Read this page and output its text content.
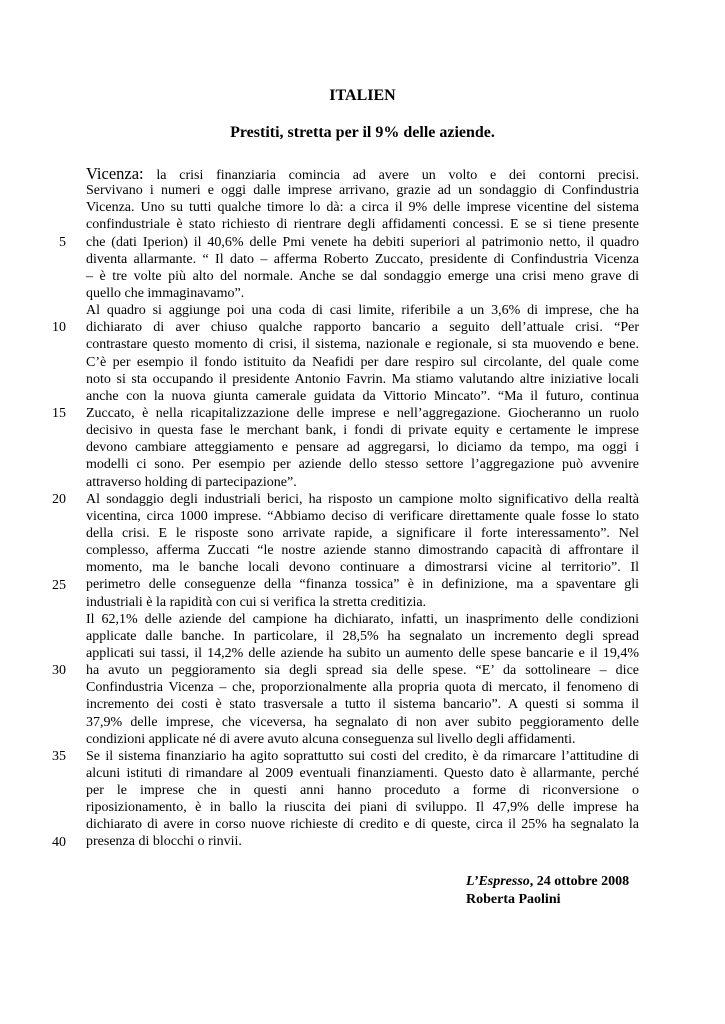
ITALIEN
Prestiti, stretta per il 9% delle aziende.
Vicenza: la crisi finanziaria comincia ad avere un volto e dei contorni precisi.
Servivano i numeri e oggi dalle imprese arrivano, grazie ad un sondaggio di Confindustria
Vicenza. Uno su tutti qualche timore lo dà: a circa il 9% delle imprese vicentine del sistema
confindustriale è stato richiesto di rientrare degli affidamenti concessi. E se si tiene presente
che (dati Iperion) il 40,6% delle Pmi venete ha debiti superiori al patrimonio netto, il quadro
diventa allarmante. “ Il dato – afferma Roberto Zuccato, presidente di Confindustria Vicenza
– è tre volte più alto del normale. Anche se dal sondaggio emerge una crisi meno grave di
quello che immaginavamo”.
Al quadro si aggiunge poi una coda di casi limite, riferibile a un 3,6% di imprese, che ha
dichiarato di aver chiuso qualche rapporto bancario a seguito dell’attuale crisi. “Per
contrastare questo momento di crisi, il sistema, nazionale e regionale, si sta muovendo e bene.
C’è per esempio il fondo istituito da Neafidi per dare respiro sul circolante, del quale come
noto si sta occupando il presidente Antonio Favrin. Ma stiamo valutando altre iniziative locali
anche con la nuova giunta camerale guidata da Vittorio Mincato”. “Ma il futuro, continua
Zuccato, è nella ricapitalizzazione delle imprese e nell’aggregazione. Giocheranno un ruolo
decisivo in questa fase le merchant bank, i fondi di private equity e certamente le imprese
devono cambiare atteggiamento e pensare ad aggregarsi, lo diciamo da tempo, ma oggi i
modelli ci sono. Per esempio per aziende dello stesso settore l’aggregazione può avvenire
attraverso holding di partecipazione”.
Al sondaggio degli industriali berici, ha risposto un campione molto significativo della realtà
vicentina, circa 1000 imprese. “Abbiamo deciso di verificare direttamente quale fosse lo stato
della crisi. E le risposte sono arrivate rapide, a significare il forte interessamento”. Nel
complesso, afferma Zuccati “le nostre aziende stanno dimostrando capacità di affrontare il
momento, ma le banche locali devono continuare a dimostrarsi vicine al territorio”. Il
perimetro delle conseguenze della “finanza tossica” è in definizione, ma a spaventare gli
industriali è la rapidità con cui si verifica la stretta creditizia.
Il 62,1% delle aziende del campione ha dichiarato, infatti, un inasprimento delle condizioni
applicate dalle banche. In particolare, il 28,5% ha segnalato un incremento degli spread
applicati sui tassi, il 14,2% delle aziende ha subito un aumento delle spese bancarie e il 19,4%
ha avuto un peggioramento sia degli spread sia delle spese. “E’ da sottolineare – dice
Confindustria Vicenza – che, proporzionalmente alla propria quota di mercato, il fenomeno di
incremento dei costi è stato trasversale a tutto il sistema bancario”. A questi si somma il
37,9% delle imprese, che viceversa, ha segnalato di non aver subito peggioramento delle
condizioni applicate né di avere avuto alcuna conseguenza sul livello degli affidamenti.
Se il sistema finanziario ha agito soprattutto sui costi del credito, è da rimarcare l’attitudine di
alcuni istituti di rimandare al 2009 eventuali finanziamenti. Questo dato è allarmante, perché
per le imprese che in questi anni hanno proceduto a forme di riconversione o
riposizionamento, è in ballo la riuscita dei piani di sviluppo. Il 47,9% delle imprese ha
dichiarato di avere in corso nuove richieste di credito e di queste, circa il 25% ha segnalato la
presenza di blocchi o rinvii.
5
10
15
20
25
30
35
40
L’Espresso, 24 ottobre 2008
Roberta Paolini
